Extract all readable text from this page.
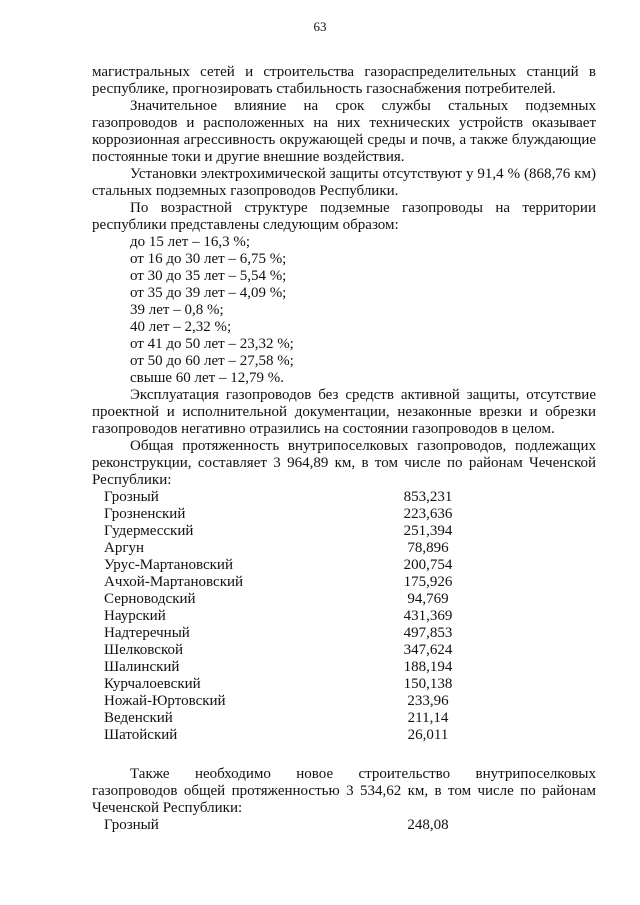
63

магистральных сетей и строительства газораспределительных станций в республике, прогнозировать стабильность газоснабжения потребителей.

Значительное влияние на срок службы стальных подземных газопроводов и расположенных на них технических устройств оказывает коррозионная агрессивность окружающей среды и почв, а также блуждающие постоянные токи и другие внешние воздействия.

Установки электрохимической защиты отсутствуют у 91,4 % (868,76 км) стальных подземных газопроводов Республики.

По возрастной структуре подземные газопроводы на территории республики представлены следующим образом:

до 15 лет – 16,3 %;
от 16 до 30 лет – 6,75 %;
от 30 до 35 лет – 5,54 %;
от 35 до 39 лет – 4,09 %;
39 лет – 0,8 %;
40 лет – 2,32 %;
от 41 до 50 лет – 23,32 %;
от 50 до 60 лет – 27,58 %;
свыше 60 лет – 12,79 %.

Эксплуатация газопроводов без средств активной защиты, отсутствие проектной и исполнительной документации, незаконные врезки и обрезки газопроводов негативно отразились на состоянии газопроводов в целом.

Общая протяженность внутрипоселковых газопроводов, подлежащих реконструкции, составляет 3 964,89 км, в том числе по районам Чеченской Республики:

Грозный	853,231
Грозненский	223,636
Гудермесский	251,394
Аргун	78,896
Урус-Мартановский	200,754
Ачхой-Мартановский	175,926
Серноводский	94,769
Наурский	431,369
Надтеречный	497,853
Шелковской	347,624
Шалинский	188,194
Курчалоевский	150,138
Ножай-Юртовский	233,96
Веденский	211,14
Шатойский	26,011

Также необходимо новое строительство внутрипоселковых

газопроводов общей протяженностью 3 534,62 км, в том числе по районам Чеченской Республики:

Грозный	248,08
